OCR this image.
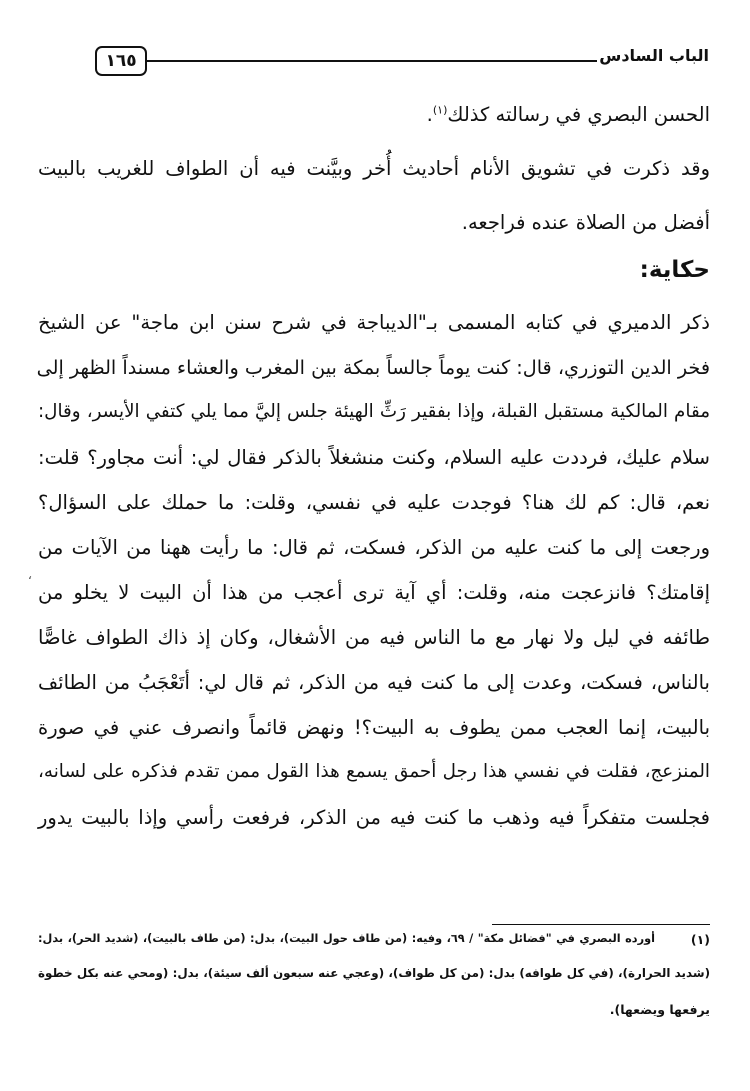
١٦٥	الباب السادس
الحسن البصري في رسالته كذلك$^{(١)}$.
وقد ذكرت في تشويق الأنام أحاديث أُخر وبيَّنت فيه أن الطواف للغريب بالبيت
أفضل من الصلاة عنده فراجعه.
حكاية:
ذكر الدميري في كتابه المسمى بـ"الديباجة في شرح سنن ابن ماجة" عن الشيخ
فخر الدين التوزري، قال: كنت يوماً جالساً بمكة بين المغرب والعشاء مسنداً الظهر إلى
مقام المالكية مستقبل القبلة، وإذا بفقير رَثِّ الهيئة جلس إليَّ مما يلي كتفي الأيسر، وقال:
سلام عليك، فرددت عليه السلام، وكنت منشغلاً بالذكر فقال لي: أنت مجاور؟ قلت:
نعم، قال: كم لك هنا؟ فوجدت عليه في نفسي، وقلت: ما حملك على السؤال؟
ورجعت إلى ما كنت عليه من الذكر، فسكت، ثم قال: ما رأيت ههنا من الآيات من
إقامتك؟ فانزعجت منه، وقلت: أي آية ترى أعجب من هذا أن البيت لا يخلو من
طائفه في ليل ولا نهار مع ما الناس فيه من الأشغال، وكان إذ ذاك الطواف غاصًّا
بالناس، فسكت، وعدت إلى ما كنت فيه من الذكر، ثم قال لي: أتَعْجَبُ من الطائف
بالبيت، إنما العجب ممن يطوف به البيت؟! ونهض قائماً وانصرف عني في صورة
المنزعج، فقلت في نفسي هذا رجل أحمق يسمع هذا القول ممن تقدم فذكره على لسانه،
فجلست متفكراً فيه وذهب ما كنت فيه من الذكر، فرفعت رأسي وإذا بالبيت يدور
ʻ
(١)
أورده البصري في "فضائل مكة" / ٦٩، وفيه: (من طاف حول البيت)، بدل: (من طاف بالبيت)، (شديد الحر)، بدل:
(شديد الحرارة)، (في كل طوافه) بدل: (من كل طواف)، (وعجي عنه سبعون ألف سيئة)، بدل: (ومحي عنه بكل خطوة
يرفعها ويضعها).
